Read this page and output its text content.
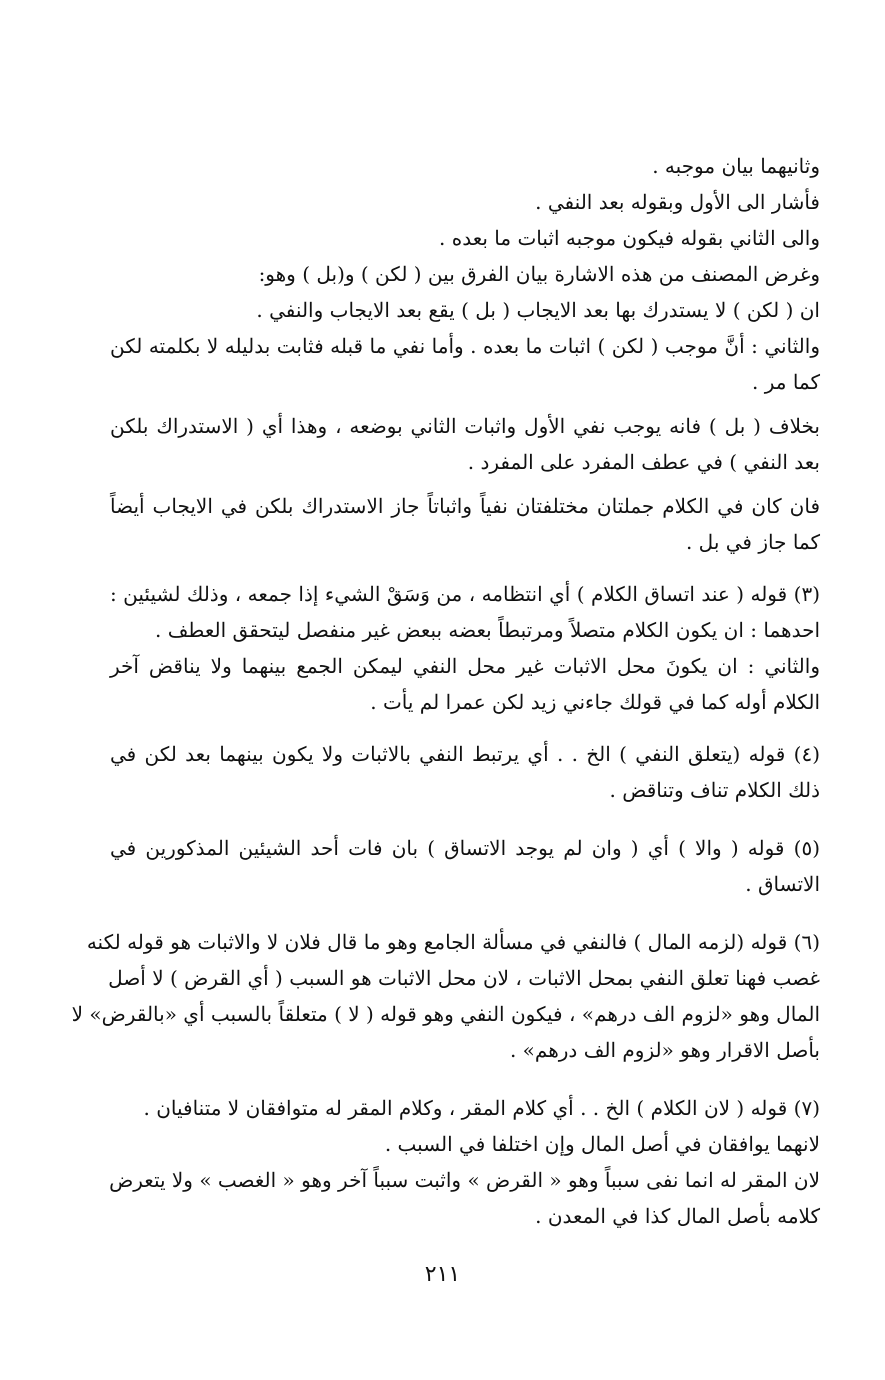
وثانيهما بيان موجبه .
فأشار الى الأول وبقوله بعد النفي .
والى الثاني بقوله فيكون موجبه اثبات ما بعده .
وغرض المصنف من هذه الاشارة بيان الفرق بين ( لكن ) و(بل ) وهو:
ان ( لكن ) لا يستدرك بها بعد الايجاب ( بل ) يقع بعد الايجاب والنفي .
والثاني : أنَّ موجب ( لكن ) اثبات ما بعده . وأما نفي ما قبله فثابت بدليله لا بكلمته لكن
كما مر .
بخلاف ( بل ) فانه يوجب نفي الأول واثبات الثاني بوضعه ، وهذا أي ( الاستدراك بلكن
بعد النفي ) في عطف المفرد على المفرد .
فان كان في الكلام جملتان مختلفتان نفياً واثباتاً جاز الاستدراك بلكن في الايجاب أيضاً
كما جاز في بل .
(٣) قوله ( عند اتساق الكلام ) أي انتظامه ، من وَسَقْ الشيء إذا جمعه ، وذلك لشيئين :
احدهما : ان يكون الكلام متصلاً ومرتبطاً بعضه ببعض غير منفصل ليتحقق العطف .
والثاني : ان يكونَ محل الاثبات غير محل النفي ليمكن الجمع بينهما ولا يناقض آخر
الكلام أوله كما في قولك جاءني زيد لكن عمرا لم يأت .
(٤) قوله (يتعلق النفي ) الخ . . أي يرتبط النفي بالاثبات ولا يكون بينهما بعد لكن في
ذلك الكلام تناف وتناقض .
(٥) قوله ( والا ) أي ( وان لم يوجد الاتساق ) بان فات أحد الشيئين المذكورين في
الاتساق .
(٦) قوله (لزمه المال ) فالنفي في مسألة الجامع وهو ما قال فلان لا والاثبات هو قوله لكنه
غصب فهنا تعلق النفي بمحل الاثبات ، لان محل الاثبات هو السبب ( أي القرض ) لا أصل
المال وهو «لزوم الف درهم» ، فيكون النفي وهو قوله ( لا ) متعلقاً بالسبب أي «بالقرض» لا
بأصل الاقرار وهو «لزوم الف درهم» .
(٧) قوله ( لان الكلام ) الخ . . أي كلام المقر ، وكلام المقر له متوافقان لا متنافيان .
لانهما يوافقان في أصل المال وإن اختلفا في السبب .
لان المقر له انما نفى سبباً وهو « القرض » واثبت سبباً آخر وهو « الغصب » ولا يتعرض
كلامه بأصل المال كذا في المعدن .
٢١١
